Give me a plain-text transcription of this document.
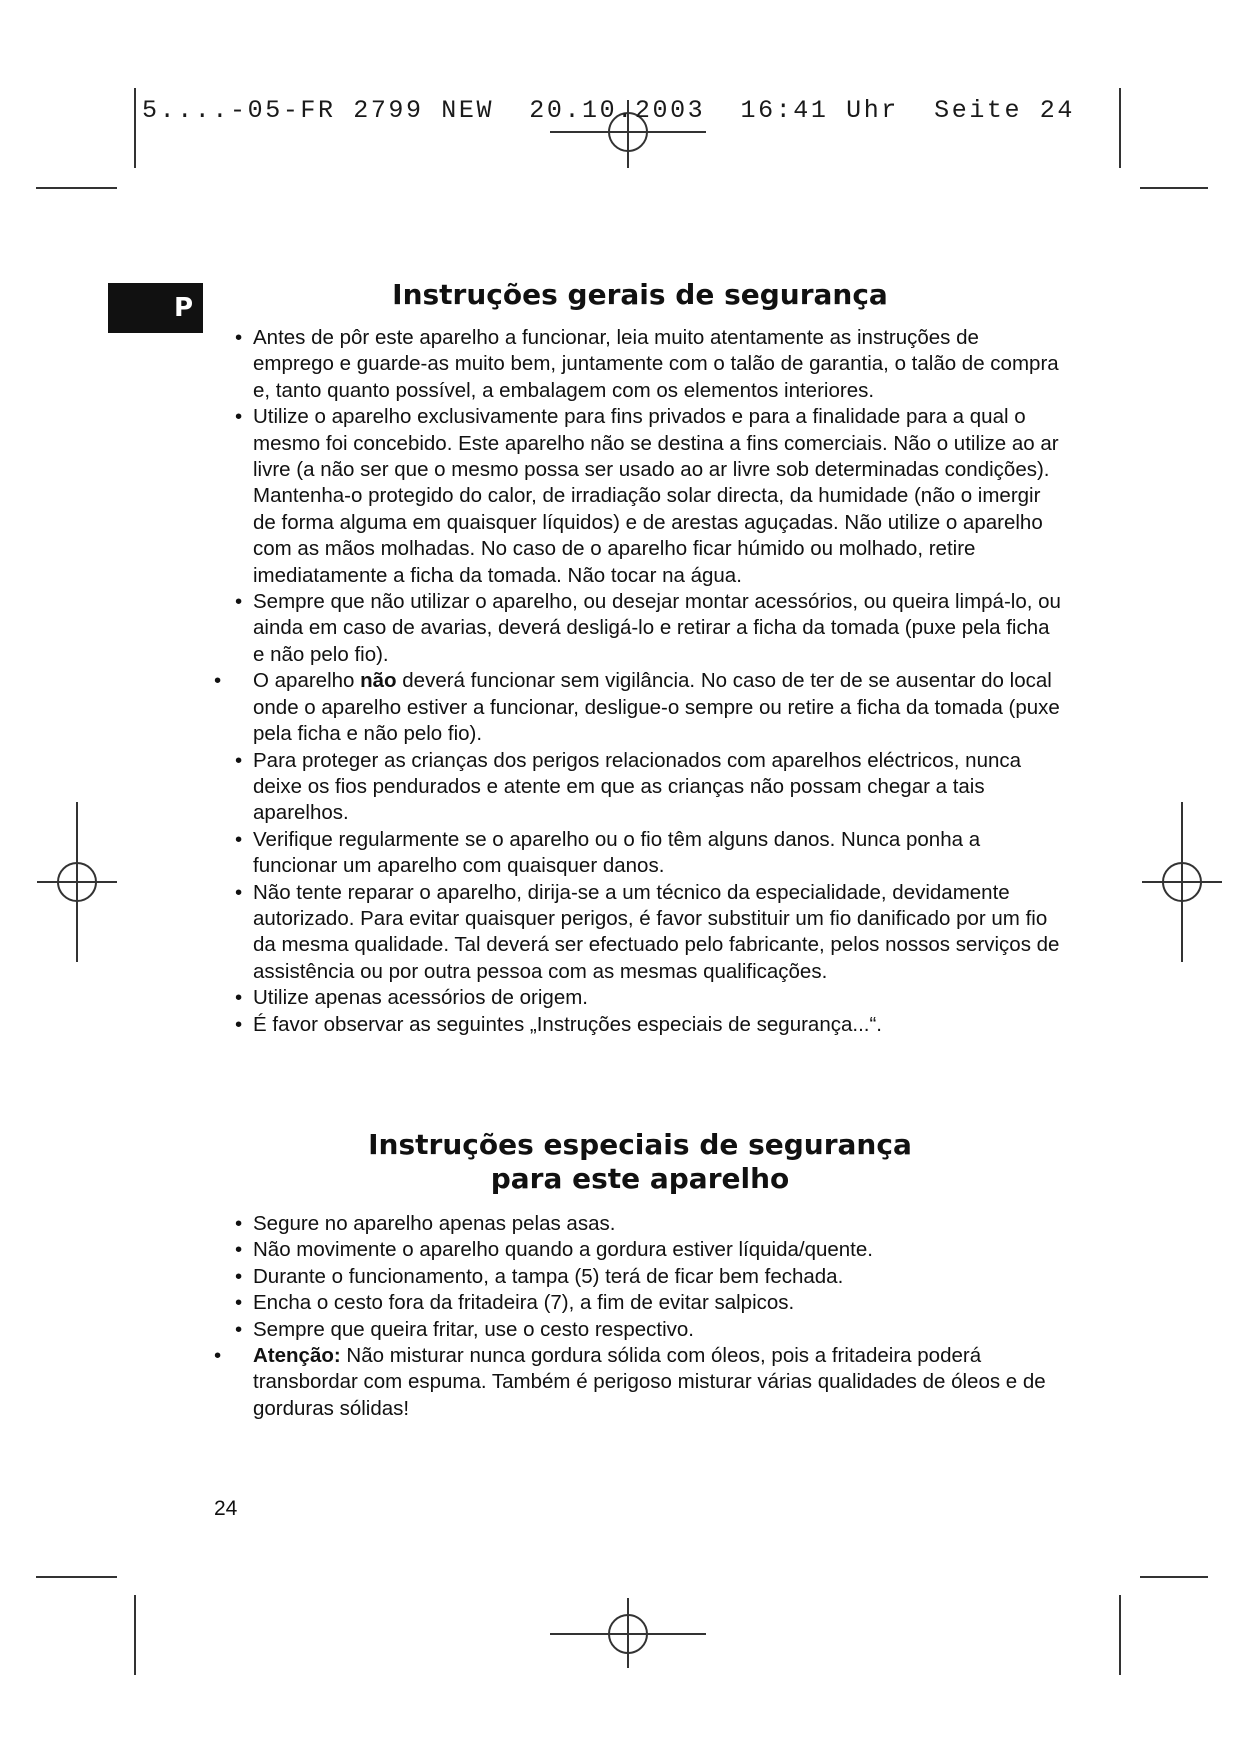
5....-05-FR 2799 NEW  20.10.2003  16:41 Uhr  Seite 24
P	Instruções gerais de segurança
• Antes de pôr este aparelho a funcionar, leia muito atentamente as instruções de emprego e guarde-as muito bem, juntamente com o talão de garantia, o talão de compra e, tanto quanto possível, a embalagem com os elementos interiores.
• Utilize o aparelho exclusivamente para fins privados e para a finalidade para a qual o mesmo foi concebido. Este aparelho não se destina a fins comerciais. Não o utilize ao ar livre (a não ser que o mesmo possa ser usado ao ar livre sob determinadas condições). Mantenha-o protegido do calor, de irradiação solar directa, da humidade (não o imergir de forma alguma em quaisquer líquidos) e de arestas aguçadas. Não utilize o aparelho com as mãos molhadas. No caso de o aparelho ficar húmido ou molhado, retire imediatamente a ficha da tomada. Não tocar na água.
• Sempre que não utilizar o aparelho, ou desejar montar acessórios, ou queira limpá-lo, ou ainda em caso de avarias, deverá desligá-lo e retirar a ficha da tomada (puxe pela ficha e não pelo fio).
• O aparelho não deverá funcionar sem vigilância. No caso de ter de se ausentar do local onde o aparelho estiver a funcionar, desligue-o sempre ou retire a ficha da tomada (puxe pela ficha e não pelo fio).
• Para proteger as crianças dos perigos relacionados com aparelhos eléctricos, nunca deixe os fios pendurados e atente em que as crianças não possam chegar a tais aparelhos.
• Verifique regularmente se o aparelho ou o fio têm alguns danos. Nunca ponha a funcionar um aparelho com quaisquer danos.
• Não tente reparar o aparelho, dirija-se a um técnico da especialidade, devidamente autorizado. Para evitar quaisquer perigos, é favor substituir um fio danificado por um fio da mesma qualidade. Tal deverá ser efectuado pelo fabricante, pelos nossos serviços de assistência ou por outra pessoa com as mesmas qualificações.
• Utilize apenas acessórios de origem.
• É favor observar as seguintes „Instruções especiais de segurança...“.
Instruções especiais de segurança
para este aparelho
• Segure no aparelho apenas pelas asas.
• Não movimente o aparelho quando a gordura estiver líquida/quente.
• Durante o funcionamento, a tampa (5) terá de ficar bem fechada.
• Encha o cesto fora da fritadeira (7), a fim de evitar salpicos.
• Sempre que queira fritar, use o cesto respectivo.
• Atenção: Não misturar nunca gordura sólida com óleos, pois a fritadeira poderá transbordar com espuma. Também é perigoso misturar várias qualidades de óleos e de gorduras sólidas!
24
